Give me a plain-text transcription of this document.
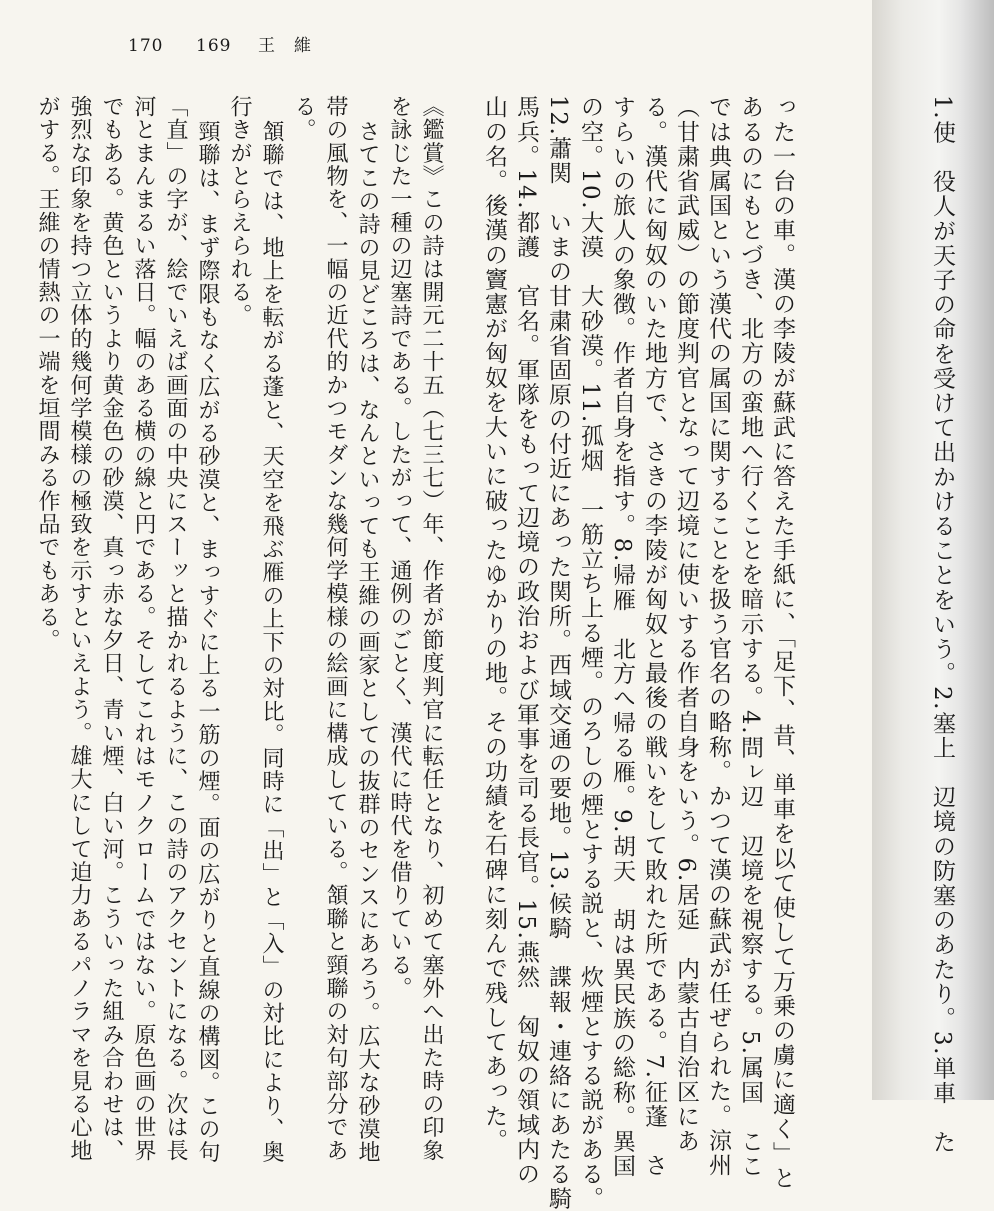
170 169 王　維
1.使　役人が天子の命を受けて出かけることをいう。2.塞上　辺境の防塞のあたり。3.単車　た
った一台の車。漢の李陵が蘇武に答えた手紙に、「足下、昔、単車を以て使して万乗の虜に適く」と
あるのにもとづき、北方の蛮地へ行くことを暗示する。4.問ㇾ辺　辺境を視察する。5.属国　ここ
では典属国という漢代の属国に関することを扱う官名の略称。かつて漢の蘇武が任ぜられた。涼州
（甘粛省武威）の節度判官となって辺境に使いする作者自身をいう。6.居延　内蒙古自治区にあ
る。漢代に匈奴のいた地方で、さきの李陵が匈奴と最後の戦いをして敗れた所である。7.征蓬　さ
すらいの旅人の象徴。作者自身を指す。8.帰雁　北方へ帰る雁。9.胡天　胡は異民族の総称。異国
の空。10.大漠　大砂漠。11.孤烟　一筋立ち上る煙。のろしの煙とする説と、炊煙とする説がある。
12.蕭関　いまの甘粛省固原の付近にあった関所。西域交通の要地。13.候騎　諜報・連絡にあたる騎
馬兵。14.都護　官名。軍隊をもって辺境の政治および軍事を司る長官。15.燕然　匈奴の領域内の
山の名。後漢の竇憲が匈奴を大いに破ったゆかりの地。その功績を石碑に刻んで残してあった。
《鑑賞》この詩は開元二十五（七三七）年、作者が節度判官に転任となり、初めて塞外へ出た時の印象
を詠じた一種の辺塞詩である。したがって、通例のごとく、漢代に時代を借りている。
さてこの詩の見どころは、なんといっても王維の画家としての抜群のセンスにあろう。広大な砂漠地
帯の風物を、一幅の近代的かつモダンな幾何学模様の絵画に構成している。頷聯と頸聯の対句部分であ
る。
頷聯では、地上を転がる蓬と、天空を飛ぶ雁の上下の対比。同時に「出」と「入」の対比により、奥
行きがとらえられる。
頸聯は、まず際限もなく広がる砂漠と、まっすぐに上る一筋の煙。面の広がりと直線の構図。この句
「直」の字が、絵でいえば画面の中央にスーッと描かれるように、この詩のアクセントになる。次は長
河とまんまるい落日。幅のある横の線と円である。そしてこれはモノクロームではない。原色画の世界
でもある。黄色というより黄金色の砂漠、真っ赤な夕日、青い煙、白い河。こういった組み合わせは、
強烈な印象を持つ立体的幾何学模様の極致を示すといえよう。雄大にして迫力あるパノラマを見る心地
がする。王維の情熱の一端を垣間みる作品でもある。
